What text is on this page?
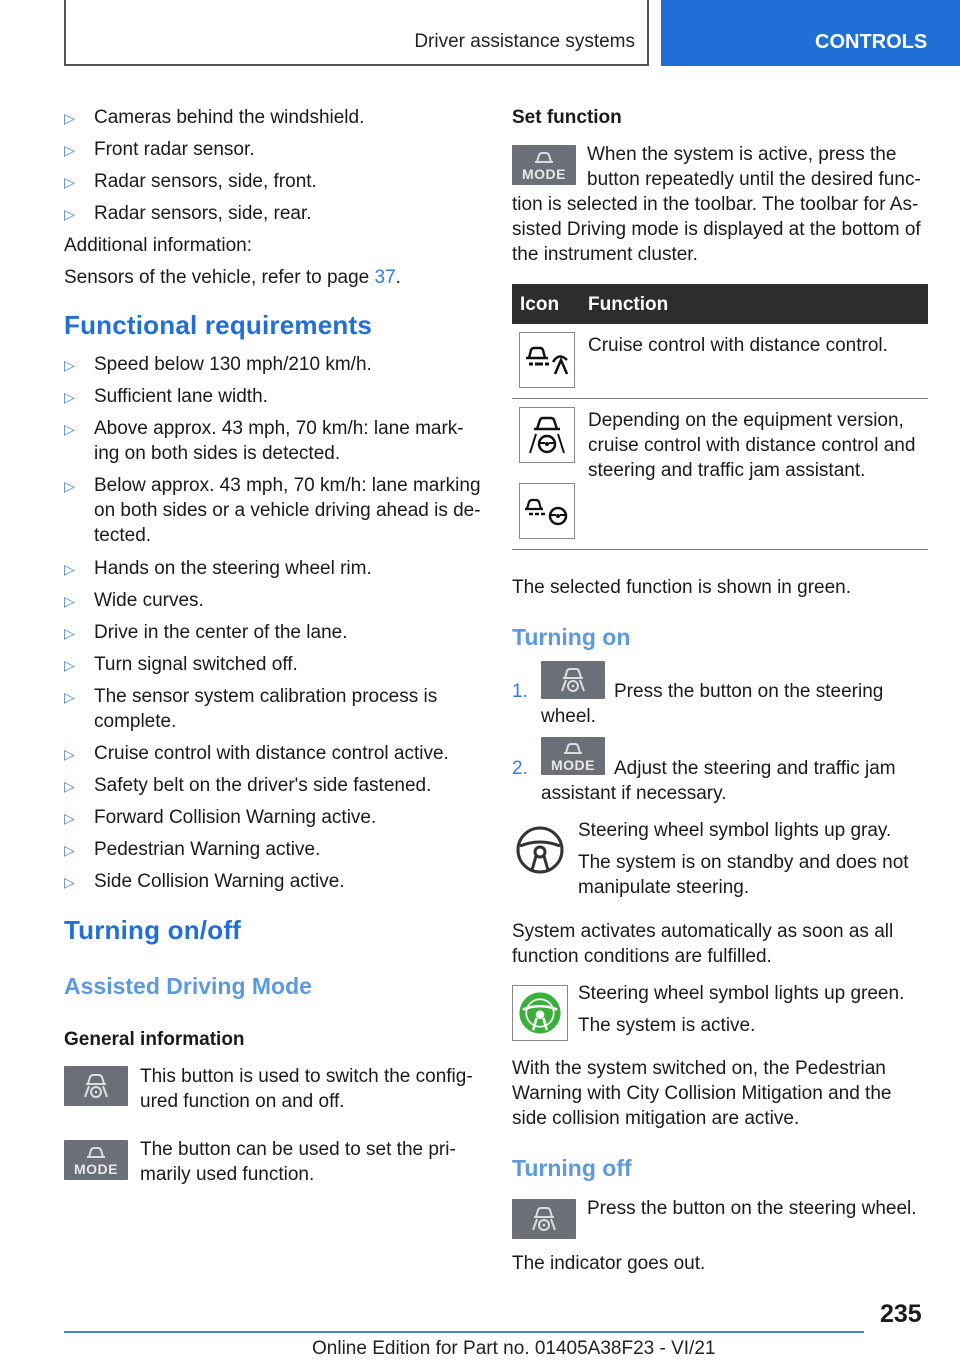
Driver assistance systems	CONTROLS
▷	Cameras behind the windshield.
▷	Front radar sensor.
▷	Radar sensors, side, front.
▷	Radar sensors, side, rear.
Additional information:
Sensors of the vehicle, refer to page 37.
Functional requirements
▷	Speed below 130 mph/210 km/h.
▷	Sufficient lane width.
▷	Above approx. 43 mph, 70 km/h: lane mark-ing on both sides is detected.
▷	Below approx. 43 mph, 70 km/h: lane marking on both sides or a vehicle driving ahead is de-tected.
▷	Hands on the steering wheel rim.
▷	Wide curves.
▷	Drive in the center of the lane.
▷	Turn signal switched off.
▷	The sensor system calibration process is complete.
▷	Cruise control with distance control active.
▷	Safety belt on the driver's side fastened.
▷	Forward Collision Warning active.
▷	Pedestrian Warning active.
▷	Side Collision Warning active.
Turning on/off
Assisted Driving Mode
General information
This button is used to switch the config-
ured function on and off.
MODE
The button can be used to set the pri-
marily used function.
Set function
MODE
When the system is active, press the
button repeatedly until the desired func-
tion is selected in the toolbar. The toolbar for As-sisted Driving mode is displayed at the bottom of the instrument cluster.
Icon Function
Cruise control with distance control.
Depending on the equipment version, cruise control with distance control and steering and traffic jam assistant.
The selected function is shown in green.
Turning on
1.	Press the button on the steering
wheel.
2. MODE Adjust the steering and traffic jam
assistant if necessary.
Steering wheel symbol lights up gray.
The system is on standby and does not
manipulate steering.
System activates automatically as soon as all function conditions are fulfilled.
Steering wheel symbol lights up green.
The system is active.
With the system switched on, the Pedestrian Warning with City Collision Mitigation and the side collision mitigation are active.
Turning off
Press the button on the steering wheel.
The indicator goes out.
235
Online Edition for Part no. 01405A38F23 - VI/21
